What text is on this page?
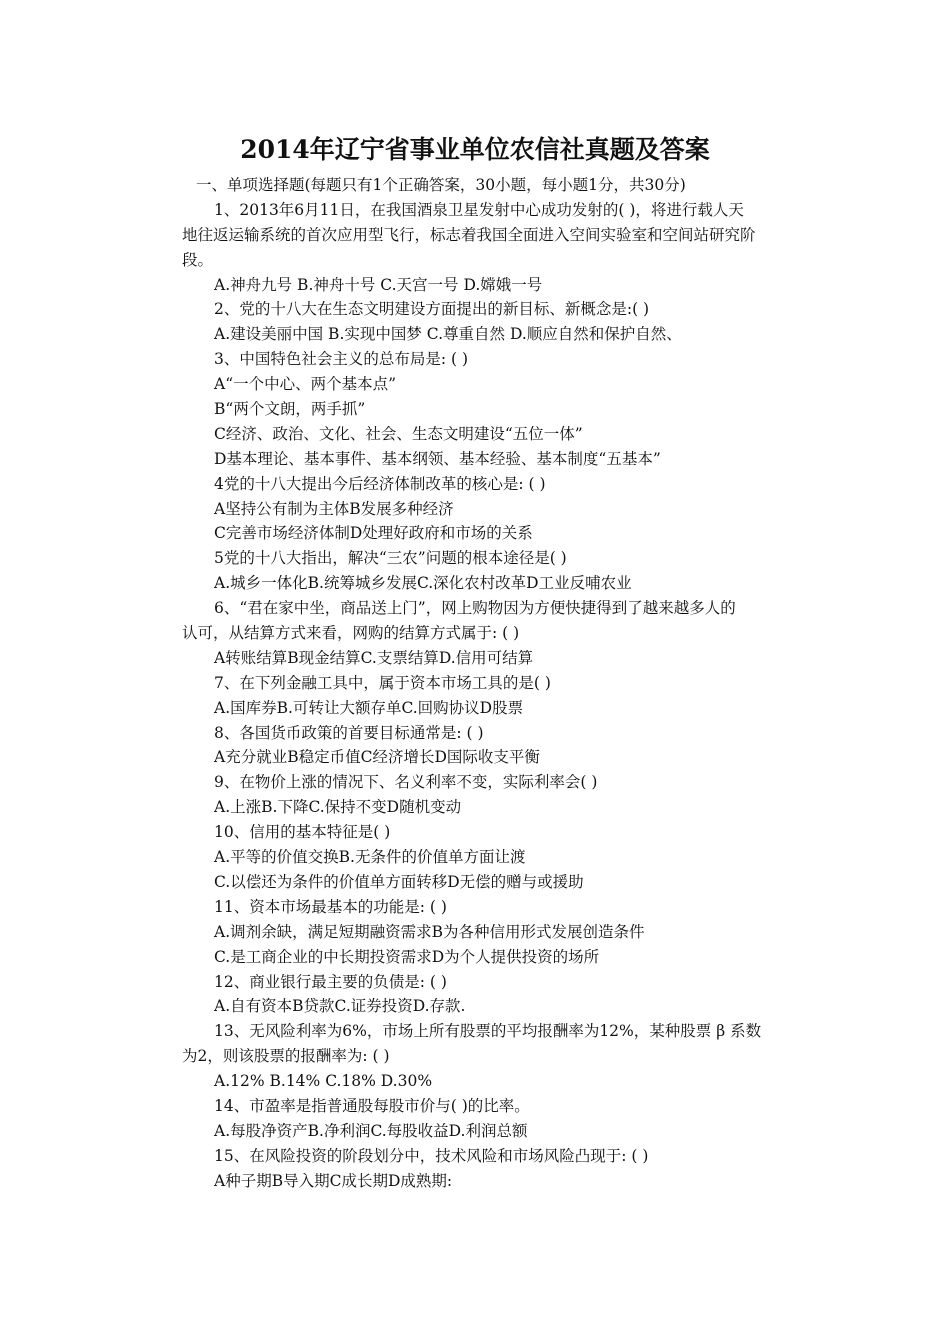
2014年辽宁省事业单位农信社真题及答案
一、单项选择题(每题只有1个正确答案，30小题，每小题1分，共30分)
1、2013年6月11日，在我国酒泉卫星发射中心成功发射的( )，将进行载人天
地往返运输系统的首次应用型飞行，标志着我国全面进入空间实验室和空间站研究阶
段。
A.神舟九号 B.神舟十号 C.天宫一号 D.嫦娥一号
2、党的十八大在生态文明建设方面提出的新目标、新概念是:( )
A.建设美丽中国 B.实现中国梦 C.尊重自然 D.顺应自然和保护自然、
3、中国特色社会主义的总布局是: ( )
A“一个中心、两个基本点”
B“两个文朗，两手抓”
C经济、政治、文化、社会、生态文明建设“五位一体”
D基本理论、基本事件、基本纲领、基本经验、基本制度“五基本”
4党的十八大提出今后经济体制改革的核心是: ( )
A坚持公有制为主体B发展多种经济
C完善市场经济体制D处理好政府和市场的关系
5党的十八大指出，解决“三农”问题的根本途径是( )
A.城乡一体化B.统筹城乡发展C.深化农村改革D工业反哺农业
6、“君在家中坐，商品送上门”，网上购物因为方便快捷得到了越来越多人的
认可，从结算方式来看，网购的结算方式属于: ( )
A转账结算B现金结算C.支票结算D.信用可结算
7、在下列金融工具中，属于资本市场工具的是( )
A.国库券B.可转让大额存单C.回购协议D股票
8、各国货币政策的首要目标通常是: ( )
A充分就业B稳定币值C经济增长D国际收支平衡
9、在物价上涨的情况下、名义利率不变，实际利率会( )
A.上涨B.下降C.保持不变D随机变动
10、信用的基本特征是( )
A.平等的价值交换B.无条件的价值单方面让渡
C.以偿还为条件的价值单方面转移D无偿的赠与或援助
11、资本市场最基本的功能是: ( )
A.调剂余缺，满足短期融资需求B为各种信用形式发展创造条件
C.是工商企业的中长期投资需求D为个人提供投资的场所
12、商业银行最主要的负债是: ( )
A.自有资本B贷款C.证券投资D.存款.
13、无风险利率为6%，市场上所有股票的平均报酬率为12%，某种股票 β 系数
为2，则该股票的报酬率为: ( )
A.12% B.14% C.18% D.30%
14、市盈率是指普通股每股市价与( )的比率。
A.每股净资产B.净利润C.每股收益D.利润总额
15、在风险投资的阶段划分中，技术风险和市场风险凸现于: ( )
A种子期B导入期C成长期D成熟期:
